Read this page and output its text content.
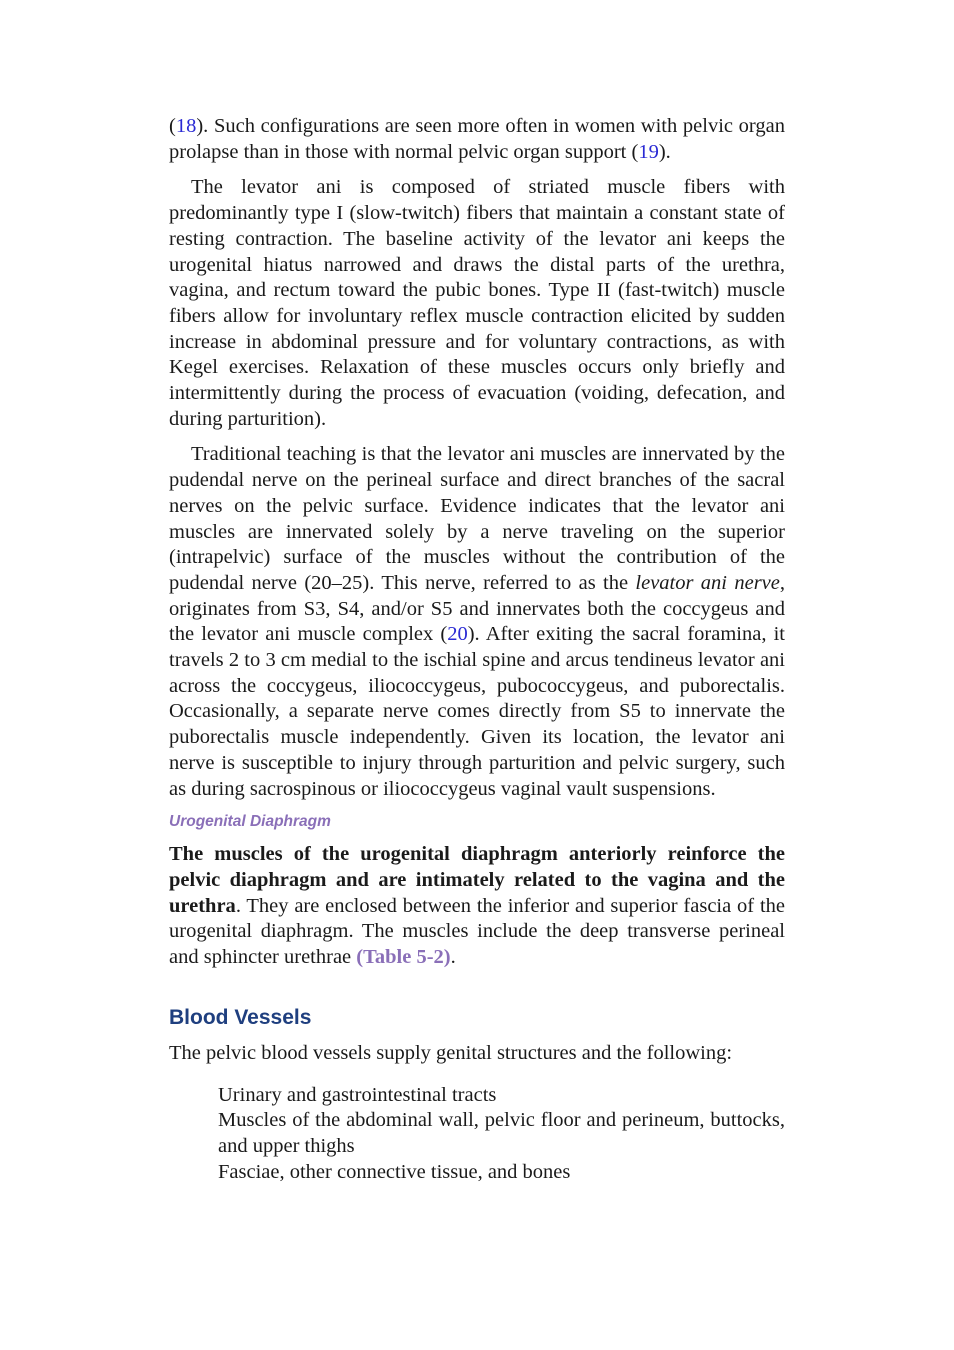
(18). Such configurations are seen more often in women with pelvic organ prolapse than in those with normal pelvic organ support (19).

The levator ani is composed of striated muscle fibers with predominantly type I (slow-twitch) fibers that maintain a constant state of resting contraction. The baseline activity of the levator ani keeps the urogenital hiatus narrowed and draws the distal parts of the urethra, vagina, and rectum toward the pubic bones. Type II (fast-twitch) muscle fibers allow for involuntary reflex muscle contraction elicited by sudden increase in abdominal pressure and for voluntary contractions, as with Kegel exercises. Relaxation of these muscles occurs only briefly and intermittently during the process of evacuation (voiding, defecation, and during parturition).

Traditional teaching is that the levator ani muscles are innervated by the pudendal nerve on the perineal surface and direct branches of the sacral nerves on the pelvic surface. Evidence indicates that the levator ani muscles are innervated solely by a nerve traveling on the superior (intrapelvic) surface of the muscles without the contribution of the pudendal nerve (20–25). This nerve, referred to as the levator ani nerve, originates from S3, S4, and/or S5 and innervates both the coccygeus and the levator ani muscle complex (20). After exiting the sacral foramina, it travels 2 to 3 cm medial to the ischial spine and arcus tendineus levator ani across the coccygeus, iliococcygeus, pubococcygeus, and puborectalis. Occasionally, a separate nerve comes directly from S5 to innervate the puborectalis muscle independently. Given its location, the levator ani nerve is susceptible to injury through parturition and pelvic surgery, such as during sacrospinous or iliococcygeus vaginal vault suspensions.

Urogenital Diaphragm

The muscles of the urogenital diaphragm anteriorly reinforce the pelvic diaphragm and are intimately related to the vagina and the urethra. They are enclosed between the inferior and superior fascia of the urogenital diaphragm. The muscles include the deep transverse perineal and sphincter urethrae (Table 5-2).

Blood Vessels

The pelvic blood vessels supply genital structures and the following:

Urinary and gastrointestinal tracts
Muscles of the abdominal wall, pelvic floor and perineum, buttocks, and upper thighs
Fasciae, other connective tissue, and bones
